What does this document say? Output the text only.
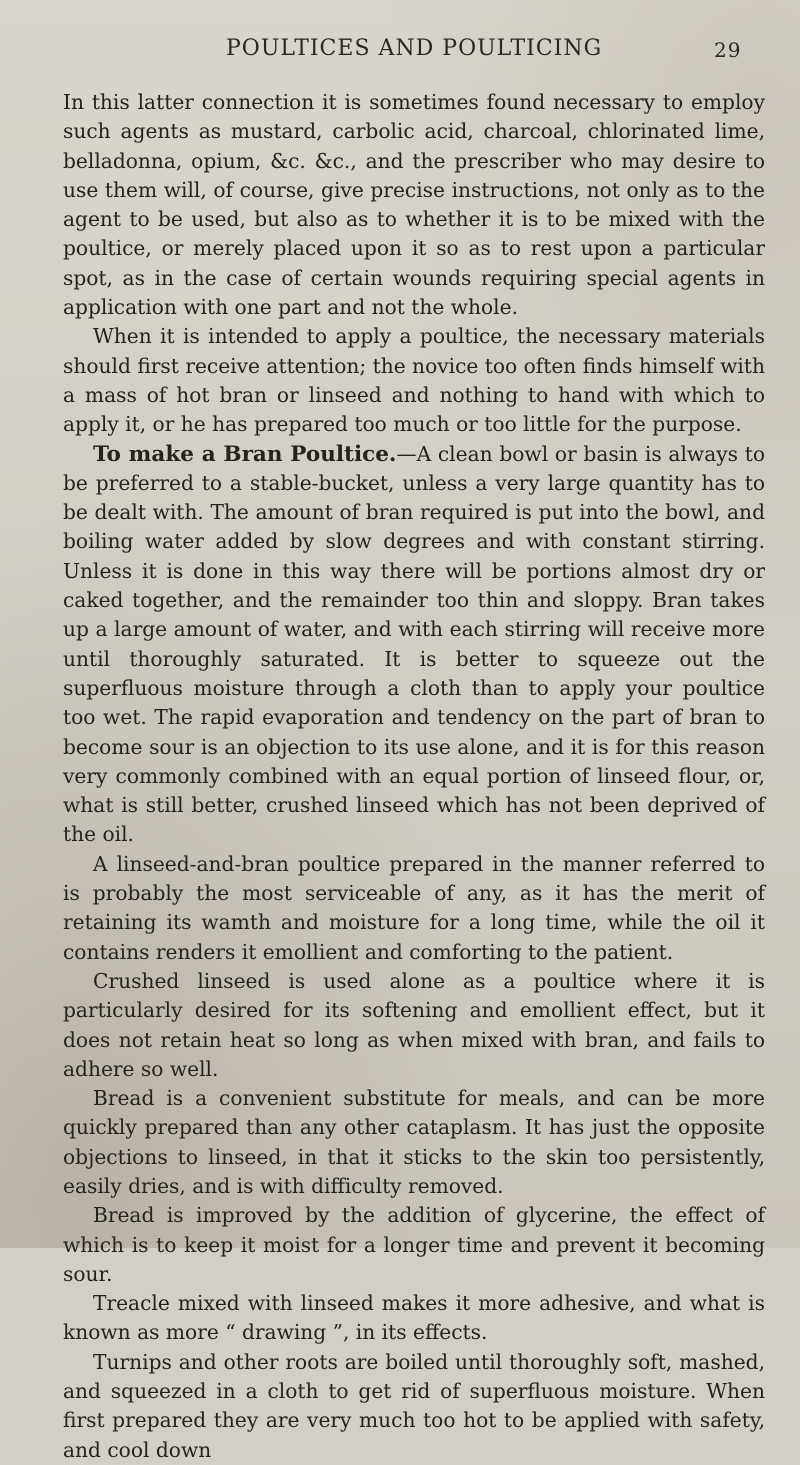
POULTICES AND POULTICING	29

In this latter connection it is sometimes found necessary to employ such agents as mustard, carbolic acid, charcoal, chlorinated lime, belladonna, opium, &c. &c., and the prescriber who may desire to use them will, of course, give precise instructions, not only as to the agent to be used, but also as to whether it is to be mixed with the poultice, or merely placed upon it so as to rest upon a particular spot, as in the case of certain wounds requiring special agents in application with one part and not the whole.

When it is intended to apply a poultice, the necessary materials should first receive attention; the novice too often finds himself with a mass of hot bran or linseed and nothing to hand with which to apply it, or he has prepared too much or too little for the purpose.

To make a Bran Poultice.—A clean bowl or basin is always to be preferred to a stable-bucket, unless a very large quantity has to be dealt with. The amount of bran required is put into the bowl, and boiling water added by slow degrees and with constant stirring. Unless it is done in this way there will be portions almost dry or caked together, and the remainder too thin and sloppy. Bran takes up a large amount of water, and with each stirring will receive more until thoroughly saturated. It is better to squeeze out the superfluous moisture through a cloth than to apply your poultice too wet. The rapid evaporation and tendency on the part of bran to become sour is an objection to its use alone, and it is for this reason very commonly combined with an equal portion of linseed flour, or, what is still better, crushed linseed which has not been deprived of the oil.

A linseed-and-bran poultice prepared in the manner referred to is probably the most serviceable of any, as it has the merit of retaining its wamth and moisture for a long time, while the oil it contains renders it emollient and comforting to the patient.

Crushed linseed is used alone as a poultice where it is particularly desired for its softening and emollient effect, but it does not retain heat so long as when mixed with bran, and fails to adhere so well.

Bread is a convenient substitute for meals, and can be more quickly prepared than any other cataplasm. It has just the opposite objections to linseed, in that it sticks to the skin too persistently, easily dries, and is with difficulty removed.

Bread is improved by the addition of glycerine, the effect of which is to keep it moist for a longer time and prevent it becoming sour.

Treacle mixed with linseed makes it more adhesive, and what is known as more “ drawing ”, in its effects.

Turnips and other roots are boiled until thoroughly soft, mashed, and squeezed in a cloth to get rid of superfluous moisture. When first prepared they are very much too hot to be applied with safety, and cool down
